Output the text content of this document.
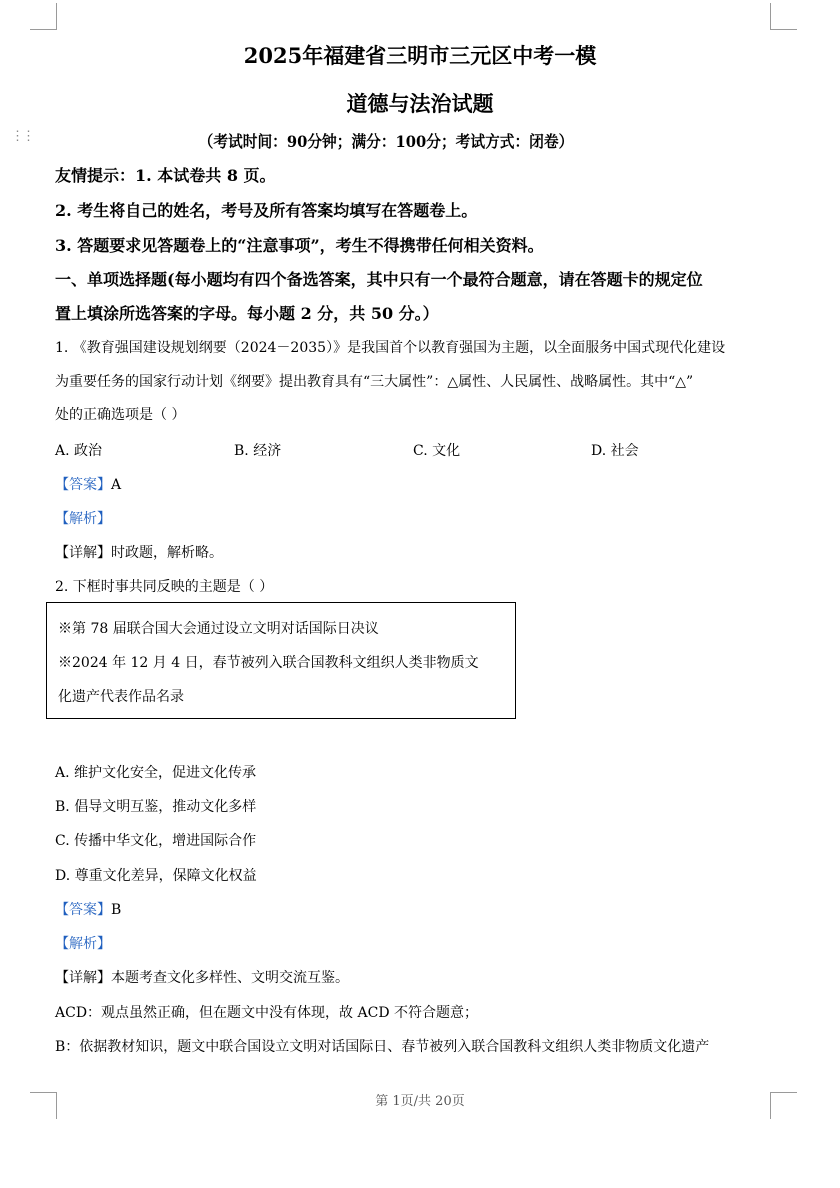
⋮⋮
2025年福建省三明市三元区中考一模
道德与法治试题
（考试时间：90分钟；满分：100分；考试方式：闭卷）
友情提示：1. 本试卷共 8 页。
2. 考生将自己的姓名，考号及所有答案均填写在答题卷上。
3. 答题要求见答题卷上的“注意事项”，考生不得携带任何相关资料。
一、单项选择题(每小题均有四个备选答案，其中只有一个最符合题意，请在答题卡的规定位
置上填涂所选答案的字母。每小题 2 分，共 50 分。）
1. 《教育强国建设规划纲要（2024－2035）》是我国首个以教育强国为主题，以全面服务中国式现代化建设
为重要任务的国家行动计划《纲要》提出教育具有“三大属性”：△属性、人民属性、战略属性。其中“△”
处的正确选项是（ ）
A. 政治	B. 经济	C. 文化	D. 社会
【答案】A
【解析】
【详解】时政题，解析略。
2. 下框时事共同反映的主题是（ ）
※第 78 届联合国大会通过设立文明对话国际日决议
※2024 年 12 月 4 日，春节被列入联合国教科文组织人类非物质文
化遗产代表作品名录
A. 维护文化安全，促进文化传承
B. 倡导文明互鉴，推动文化多样
C. 传播中华文化，增进国际合作
D. 尊重文化差异，保障文化权益
【答案】B
【解析】
【详解】本题考查文化多样性、文明交流互鉴。
ACD：观点虽然正确，但在题文中没有体现，故 ACD 不符合题意；
B：依据教材知识，题文中联合国设立文明对话国际日、春节被列入联合国教科文组织人类非物质文化遗产
第 1页/共 20页
